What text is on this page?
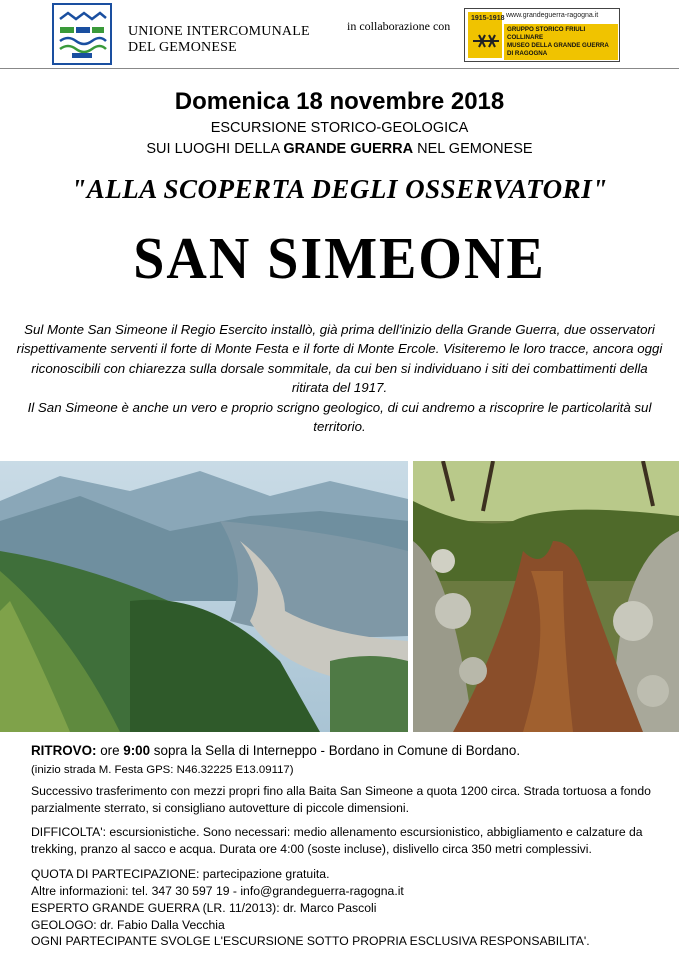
UNIONE INTERCOMUNALE
DEL GEMONESE
in collaborazione con
1915-1918 www.grandeguerra-ragogna.it
GRUPPO STORICO FRIULI COLLINARE
MUSEO DELLA GRANDE GUERRA
DI RAGOGNA
Domenica 18 novembre 2018
ESCURSIONE STORICO-GEOLOGICA
SUI LUOGHI DELLA GRANDE GUERRA NEL GEMONESE
"ALLA SCOPERTA DEGLI OSSERVATORI"
SAN SIMEONE

Sul Monte San Simeone il Regio Esercito installò, già prima dell'inizio della Grande Guerra, due osservatori rispettivamente serventi il forte di Monte Festa e il forte di Monte Ercole. Visiteremo le loro tracce, ancora oggi riconoscibili con chiarezza sulla dorsale sommitale, da cui ben si individuano i siti dei combattimenti della ritirata del 1917.

Il San Simeone è anche un vero e proprio scrigno geologico, di cui andremo a riscoprire le particolarità sul territorio.

RITROVO: ore 9:00 sopra la Sella di Interneppo - Bordano in Comune di Bordano.
(inizio strada M. Festa GPS: N46.32225 E13.09117)
Successivo trasferimento con mezzi propri fino alla Baita San Simeone a quota 1200 circa. Strada tortuosa a fondo parzialmente sterrato, si consigliano autovetture di piccole dimensioni.
DIFFICOLTA': escursionistiche. Sono necessari: medio allenamento escursionistico, abbigliamento e calzature da trekking, pranzo al sacco e acqua. Durata ore 4:00 (soste incluse), dislivello circa 350 metri complessivi.

QUOTA DI PARTECIPAZIONE: partecipazione gratuita.

Altre informazioni: tel. 347 30 597 19 - info@grandeguerra-ragogna.it

ESPERTO GRANDE GUERRA (LR. 11/2013): dr. Marco Pascoli

GEOLOGO: dr. Fabio Dalla Vecchia

OGNI PARTECIPANTE SVOLGE L'ESCURSIONE SOTTO PROPRIA ESCLUSIVA RESPONSABILITA'.
